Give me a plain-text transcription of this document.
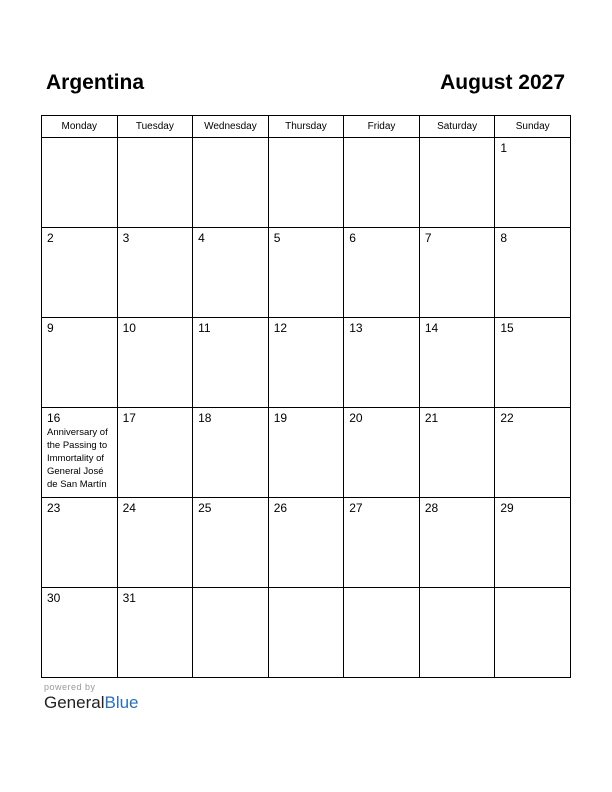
Argentina	August 2027
Monday	Tuesday	Wednesday	Thursday	Friday	Saturday	Sunday

						1

2	3	4	5	6	7	8

9	10	11	12	13	14	15

16
Anniversary of the Passing to Immortality of General José de San Martín	17	18	19	20	21	22

23	24	25	26	27	28	29

30	31					

powered by
GeneralBlue
